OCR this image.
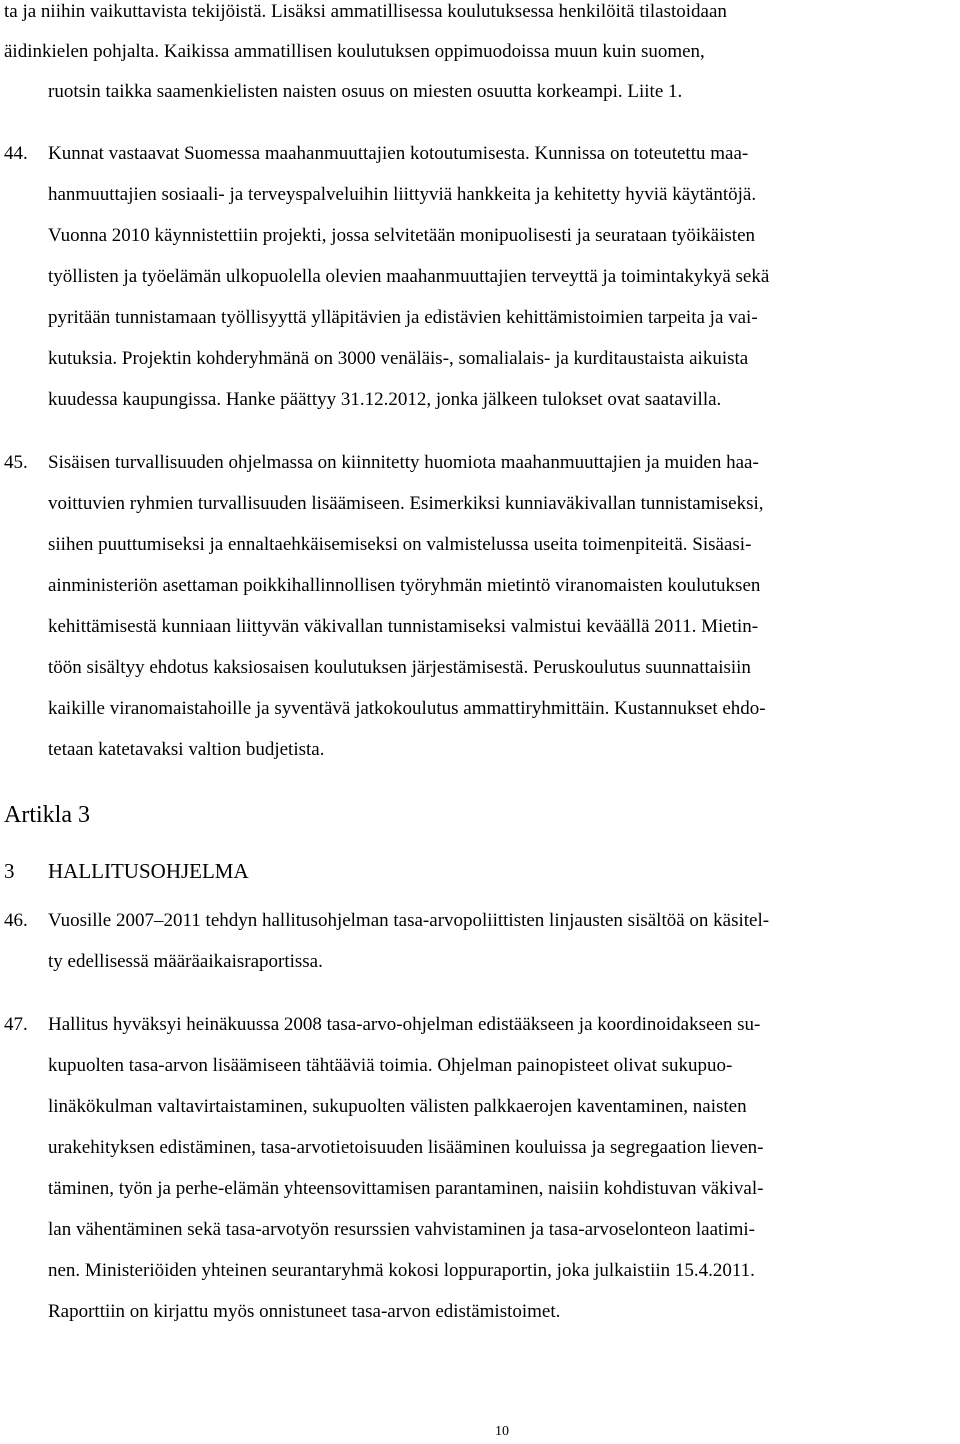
ta ja niihin vaikuttavista tekijöistä. Lisäksi ammatillisessa koulutuksessa henkilöitä tilastoidaan

äidinkielen pohjalta. Kaikissa ammatillisen koulutuksen oppimuodoissa muun kuin suomen,

ruotsin taikka saamenkielisten naisten osuus on miesten osuutta korkeampi. Liite 1.

44. Kunnat vastaavat Suomessa maahanmuuttajien kotoutumisesta. Kunnissa on toteutettu maa-

hanmuuttajien sosiaali- ja terveyspalveluihin liittyviä hankkeita ja kehitetty hyviä käytäntöjä.

Vuonna 2010 käynnistettiin projekti, jossa selvitetään monipuolisesti ja seurataan työikäisten

työllisten ja työelämän ulkopuolella olevien maahanmuuttajien terveyttä ja toimintakykyä sekä

pyritään tunnistamaan työllisyyttä ylläpitävien ja edistävien kehittämistoimien tarpeita ja vai-

kutuksia. Projektin kohderyhmänä on 3000 venäläis-, somalialais- ja kurditaustaista aikuista

kuudessa kaupungissa. Hanke päättyy 31.12.2012, jonka jälkeen tulokset ovat saatavilla.

45. Sisäisen turvallisuuden ohjelmassa on kiinnitetty huomiota maahanmuuttajien ja muiden haa-

voittuvien ryhmien turvallisuuden lisäämiseen. Esimerkiksi kunniaväkivallan tunnistamiseksi,

siihen puuttumiseksi ja ennaltaehkäisemiseksi on valmistelussa useita toimenpiteitä. Sisäasi-

ainministeriön asettaman poikkihallinnollisen työryhmän mietintö viranomaisten koulutuksen

kehittämisestä kunniaan liittyvän väkivallan tunnistamiseksi valmistui keväällä 2011. Mietin-

töön sisältyy ehdotus kaksiosaisen koulutuksen järjestämisestä. Peruskoulutus suunnattaisiin

kaikille viranomaistahoille ja syventävä jatkokoulutus ammattiryhmittäin. Kustannukset ehdo-

tetaan katetavaksi valtion budjetista.

Artikla 3

3 HALLITUSOHJELMA

46. Vuosille 2007–2011 tehdyn hallitusohjelman tasa-arvopoliittisten linjausten sisältöä on käsitel-

ty edellisessä määräaikaisraportissa.

47. Hallitus hyväksyi heinäkuussa 2008 tasa-arvo-ohjelman edistääkseen ja koordinoidakseen su-

kupuolten tasa-arvon lisäämiseen tähtääviä toimia. Ohjelman painopisteet olivat sukupuo-

linäkökulman valtavirtaistaminen, sukupuolten välisten palkkaerojen kaventaminen, naisten

urakehityksen edistäminen, tasa-arvotietoisuuden lisääminen kouluissa ja segregaation lieven-

täminen, työn ja perhe-elämän yhteensovittamisen parantaminen, naisiin kohdistuvan väkival-

lan vähentäminen sekä tasa-arvotyön resurssien vahvistaminen ja tasa-arvoselonteon laatimi-

nen. Ministeriöiden yhteinen seurantaryhmä kokosi loppuraportin, joka julkaistiin 15.4.2011.

Raporttiin on kirjattu myös onnistuneet tasa-arvon edistämistoimet.

10
